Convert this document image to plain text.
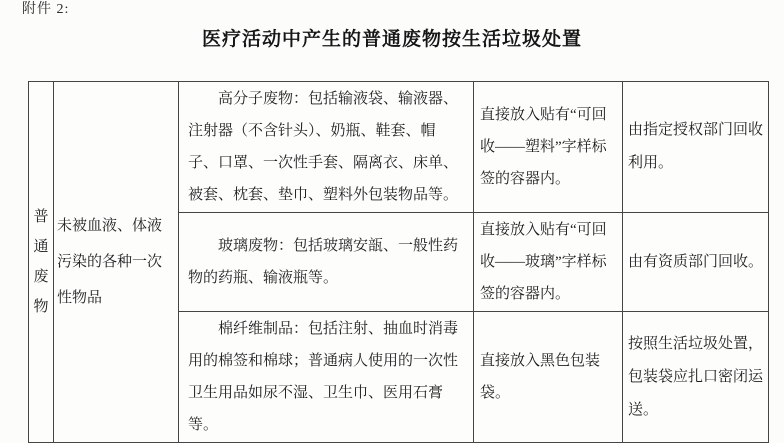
附件 2:
医疗活动中产生的普通废物按生活垃圾处置
普
通
废
物	未被血液、体液污染的各种一次性物品	高分子废物：包括输液袋、输液器、注射器（不含针头）、奶瓶、鞋套、帽子、口罩、一次性手套、隔离衣、床单、被套、枕套、垫巾、塑料外包装物品等。	直接放入贴有“可回收——塑料”字样标签的容器内。	由指定授权部门回收利用。

		玻璃废物：包括玻璃安瓿、一般性药物的药瓶、输液瓶等。	直接放入贴有“可回收——玻璃”字样标签的容器内。	由有资质部门回收。

		棉纤维制品：包括注射、抽血时消毒用的棉签和棉球；普通病人使用的一次性卫生用品如尿不湿、卫生巾、医用石膏等。	直接放入黑色包装袋。	按照生活垃圾处置，包装袋应扎口密闭运送。
